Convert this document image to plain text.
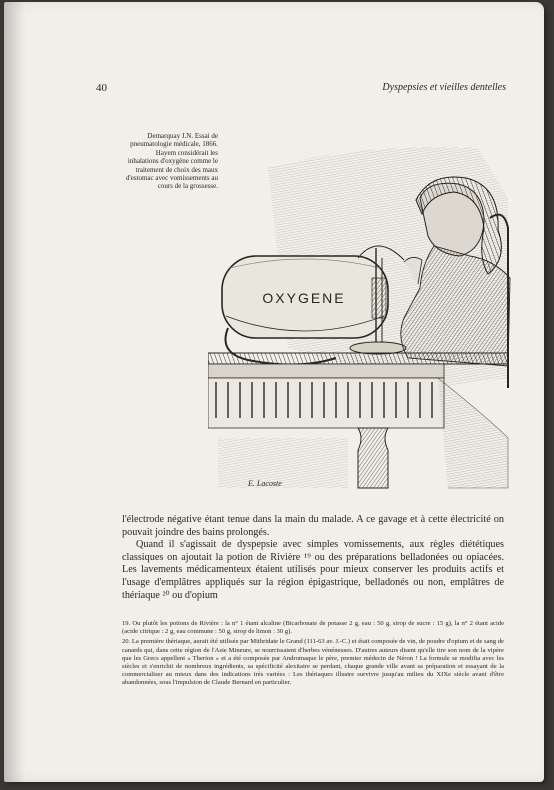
40	Dyspepsies et vieilles dentelles
Demarquay J.N. Essai de pneumatologie médicale, 1866.
Hayem considérait les inhalations d'oxygène comme le traitement de choix des maux d'estomac avec vomissements au cours de la grossesse.
OXYGENE
E. Lacoste

l'électrode négative étant tenue dans la main du malade. A ce gavage et à cette électricité on pouvait joindre des bains prolongés.

Quand il s'agissait de dyspepsie avec simples vomissements, aux règles diététiques classiques on ajoutait la potion de Rivière ¹⁹ ou des préparations belladonées ou opiacées. Les lavements médicamenteux étaient utilisés pour mieux conserver les produits actifs et l'usage d'emplâtres appliqués sur la région épigastrique, belladonés ou non, emplâtres de thériaque ²⁰ ou d'opium

19. Ou plutôt les potions de Rivière : la n° 1 étant alcaline (Bicarbonate de potasse 2 g, eau : 50 g, sirop de sucre : 15 g), la n° 2 étant acide (acide citrique : 2 g, eau commune : 50 g, sirop de limon : 30 g).

20. La première thériaque, aurait été utilisée par Mithridate le Grand (111-63 av. J.-C.) et était composée de vin, de poudre d'opium et de sang de canards qui, dans cette région de l'Asie Mineure, se nourrissaient d'herbes vénéneuses. D'autres auteurs disent qu'elle tire son nom de la vipère que les Grecs appellent « Therion » et a été composée par Andromaque le père, premier médecin de Néron ! La formule se modifia avec les siècles et s'enrichit de nombreux ingrédients, sa spécificité alexitaire se perdant, chaque grande ville avant sa préparation et essayant de la commercialiser au mieux dans des indications très variées : Les thériaques illustre survivre jusqu'au milieu du XIXe siècle avant d'être abandonnées, sous l'impulsion de Claude Bernard en particulier.
